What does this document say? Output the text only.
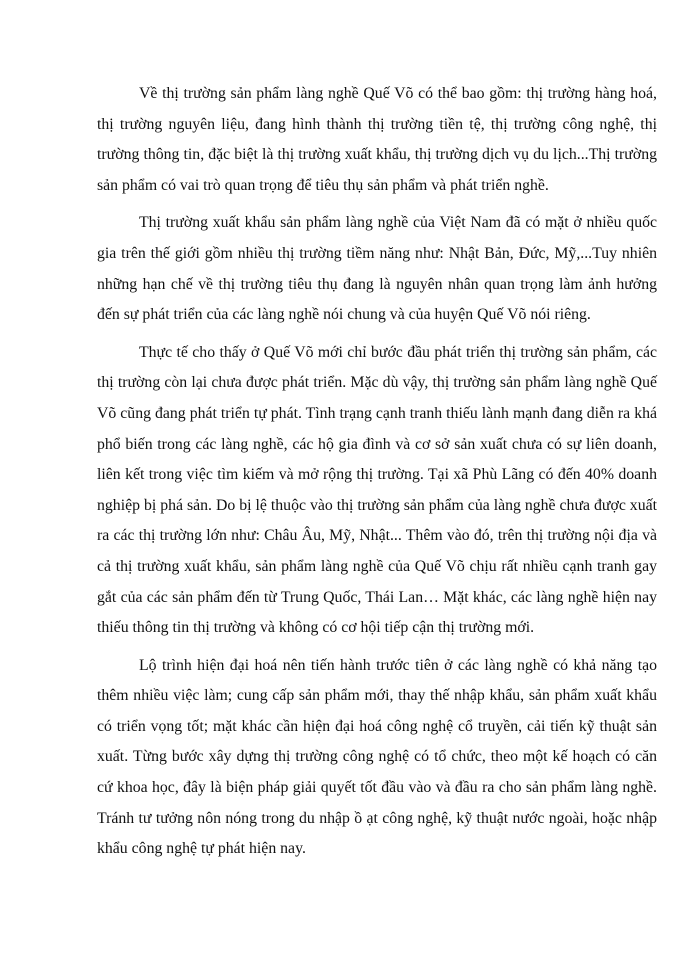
Về thị trường sản phẩm làng nghề Quế Võ có thể bao gồm: thị trường hàng hoá, thị trường nguyên liệu, đang hình thành thị trường tiền tệ, thị trường công nghệ, thị trường thông tin, đặc biệt là thị trường xuất khẩu, thị trường dịch vụ du lịch...Thị trường sản phẩm có vai trò quan trọng để tiêu thụ sản phẩm và phát triển nghề.

Thị trường xuất khẩu sản phẩm làng nghề của Việt Nam đã có mặt ở nhiều quốc gia trên thế giới gồm nhiều thị trường tiềm năng như: Nhật Bản, Đức, Mỹ,...Tuy nhiên những hạn chế về thị trường tiêu thụ đang là nguyên nhân quan trọng làm ảnh hưởng đến sự phát triển của các làng nghề nói chung và của huyện Quế Võ nói riêng.

Thực tế cho thấy ở Quế Võ mới chỉ bước đầu phát triển thị trường sản phẩm, các thị trường còn lại chưa được phát triển. Mặc dù vậy, thị trường sản phẩm làng nghề Quế Võ cũng đang phát triển tự phát. Tình trạng cạnh tranh thiếu lành mạnh đang diễn ra khá phổ biến trong các làng nghề, các hộ gia đình và cơ sở sản xuất chưa có sự liên doanh, liên kết trong việc tìm kiếm và mở rộng thị trường. Tại xã Phù Lãng có đến 40% doanh nghiệp bị phá sản. Do bị lệ thuộc vào thị trường sản phẩm của làng nghề chưa được xuất ra các thị trường lớn như: Châu Âu, Mỹ, Nhật... Thêm vào đó, trên thị trường nội địa và cả thị trường xuất khẩu, sản phẩm làng nghề của Quế Võ chịu rất nhiều cạnh tranh gay gắt của các sản phẩm đến từ Trung Quốc, Thái Lan… Mặt khác, các làng nghề hiện nay thiếu thông tin thị trường và không có cơ hội tiếp cận thị trường mới.

Lộ trình hiện đại hoá nên tiến hành trước tiên ở các làng nghề có khả năng tạo thêm nhiều việc làm; cung cấp sản phẩm mới, thay thế nhập khẩu, sản phẩm xuất khẩu có triển vọng tốt; mặt khác cần hiện đại hoá công nghệ cổ truyền, cải tiến kỹ thuật sản xuất. Từng bước xây dựng thị trường công nghệ có tổ chức, theo một kế hoạch có căn cứ khoa học, đây là biện pháp giải quyết tốt đầu vào và đầu ra cho sản phẩm làng nghề. Tránh tư tưởng nôn nóng trong du nhập ồ ạt công nghệ, kỹ thuật nước ngoài, hoặc nhập khẩu công nghệ tự phát hiện nay.
